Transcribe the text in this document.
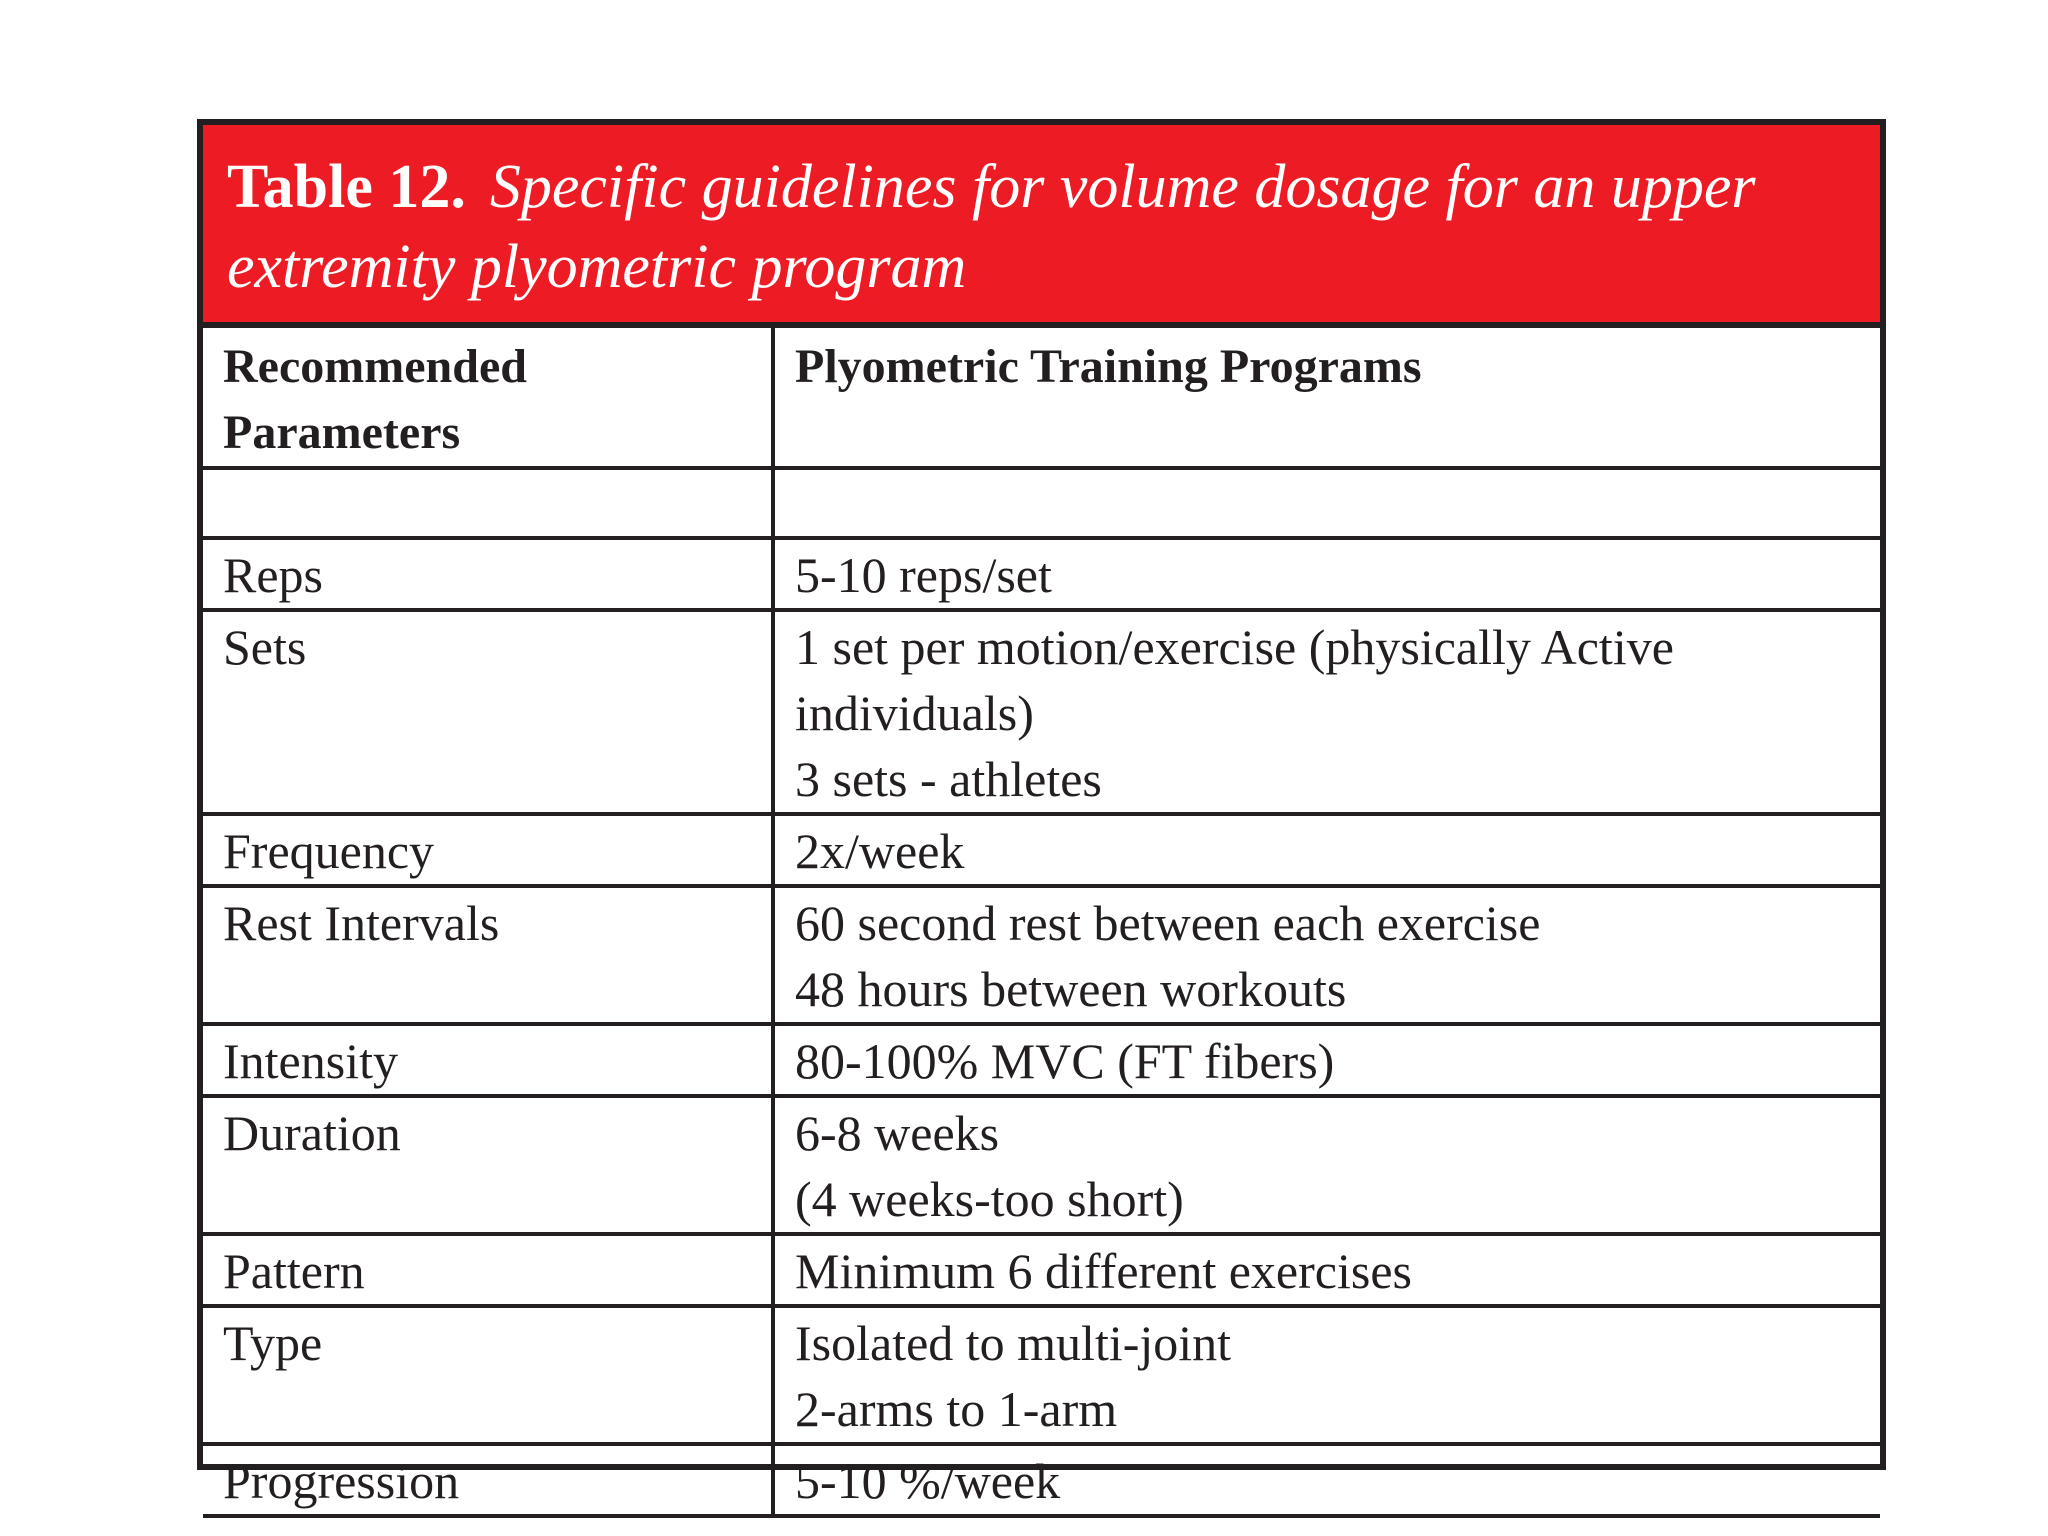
Table 12. Specific guidelines for volume dosage for an upper extremity plyometric program
Recommended Parameters	Plyometric Training Programs

Reps	5-10 reps/set

Sets	1 set per motion/exercise (physically Active individuals)
3 sets - athletes

Frequency	2x/week

Rest Intervals	60 second rest between each exercise
48 hours between workouts

Intensity	80-100% MVC (FT fibers)

Duration	6-8 weeks
(4 weeks-too short)

Pattern	Minimum 6 different exercises

Type	Isolated to multi-joint
2-arms to 1-arm

Progression	5-10 %/week
